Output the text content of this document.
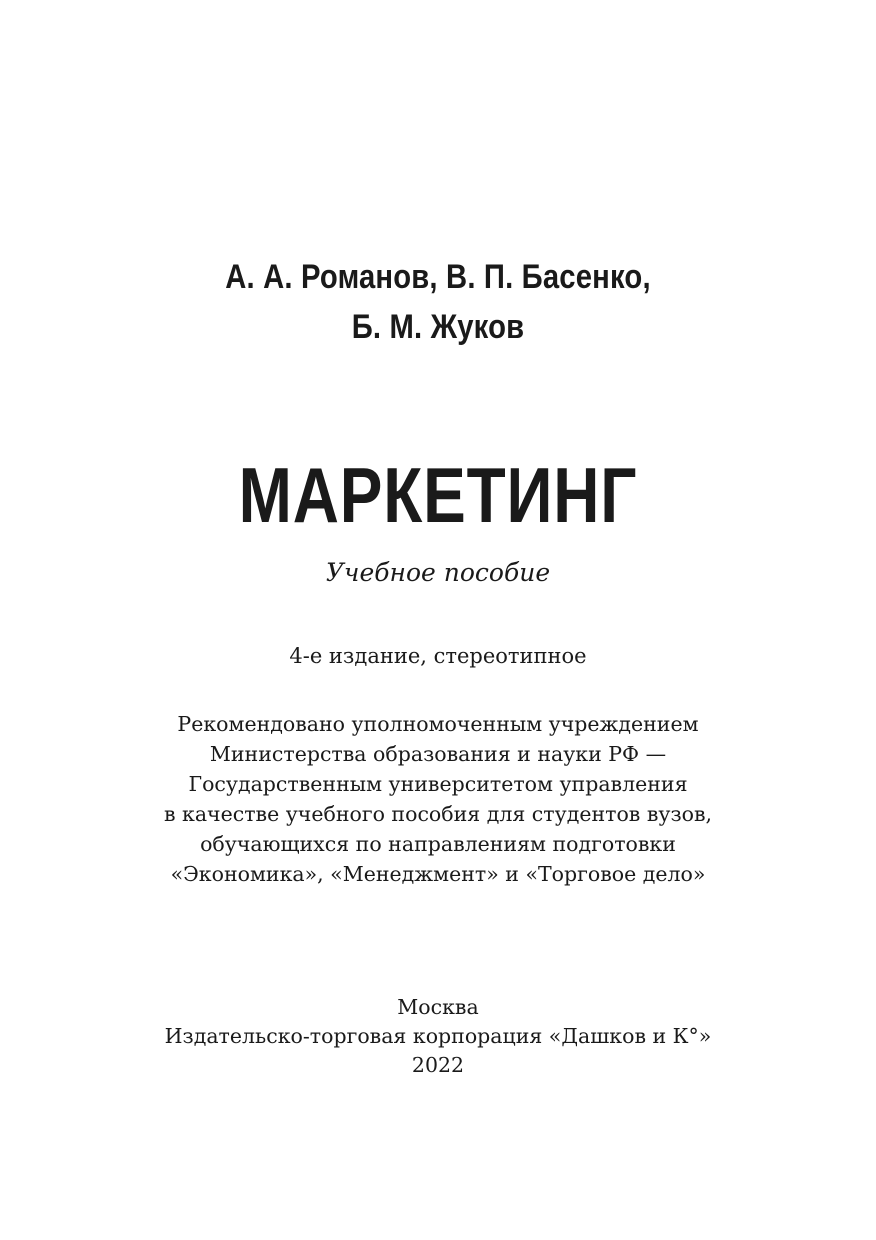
А. А. Романов, В. П. Басенко,
Б. М. Жуков
МАРКЕТИНГ

Учебное пособие

4-е издание, стереотипное

Рекомендовано уполномоченным учреждением
Министерства образования и науки РФ —
Государственным университетом управления
в качестве учебного пособия для студентов вузов,
обучающихся по направлениям подготовки
«Экономика», «Менеджмент» и «Торговое дело»
Москва
Издательско-торговая корпорация «Дашков и К°»
2022
